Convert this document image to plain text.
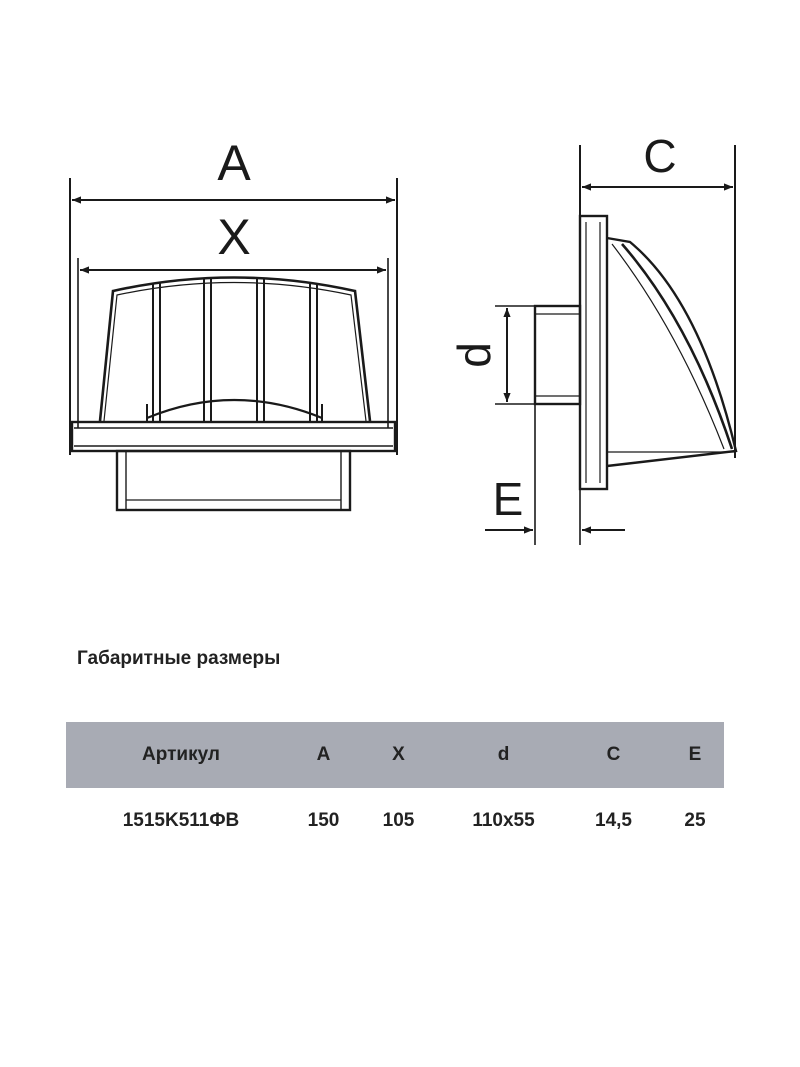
A
X
C
d
E
Габаритные размеры
Артикул	A	X	d	C	E
1515K511ФB	150	105	110x55	14,5	25
